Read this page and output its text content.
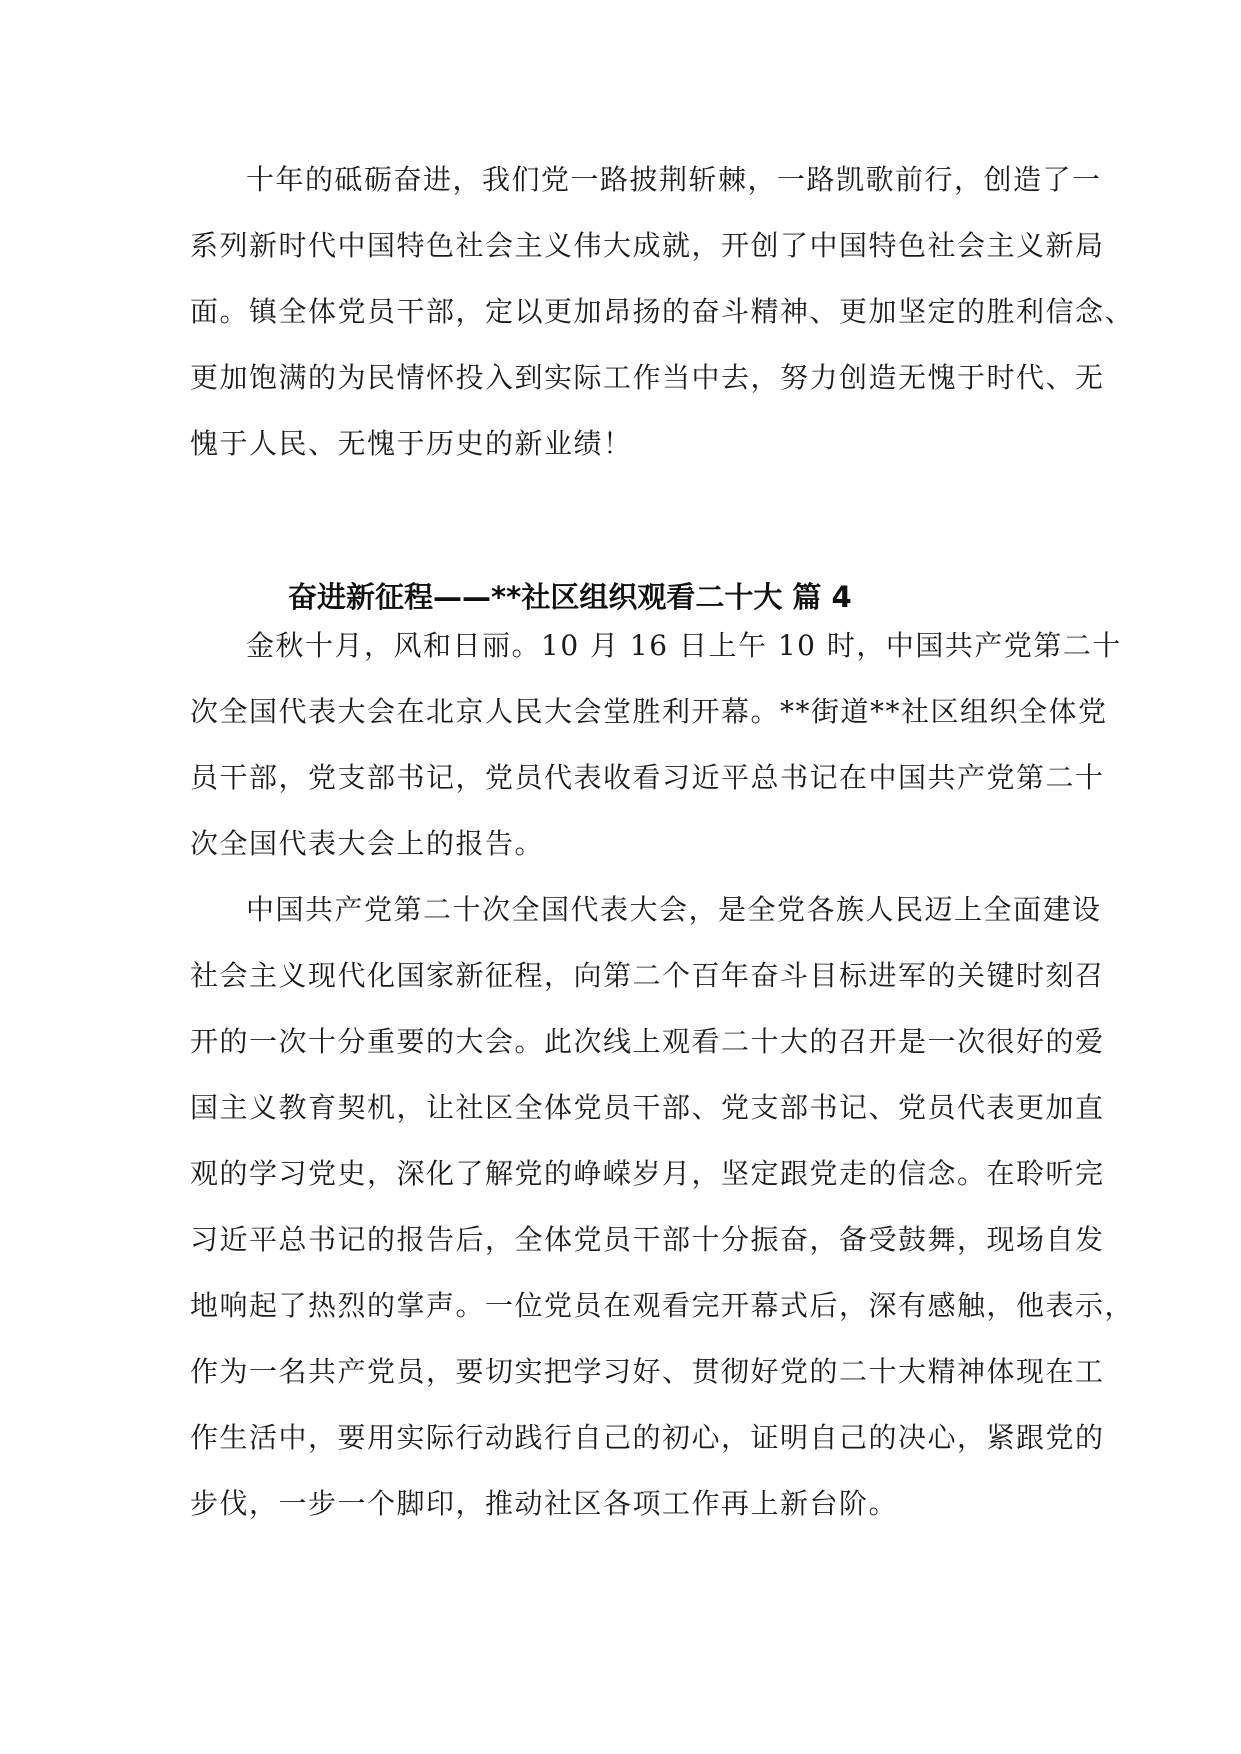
十年的砥砺奋进，我们党一路披荆斩棘，一路凯歌前行，创造了一
系列新时代中国特色社会主义伟大成就，开创了中国特色社会主义新局
面。镇全体党员干部，定以更加昂扬的奋斗精神、更加坚定的胜利信念、
更加饱满的为民情怀投入到实际工作当中去，努力创造无愧于时代、无
愧于人民、无愧于历史的新业绩！
奋进新征程——**社区组织观看二十大 篇 4
金秋十月，风和日丽。10 月 16 日上午 10 时，中国共产党第二十
次全国代表大会在北京人民大会堂胜利开幕。**街道**社区组织全体党
员干部，党支部书记，党员代表收看习近平总书记在中国共产党第二十
次全国代表大会上的报告。
中国共产党第二十次全国代表大会，是全党各族人民迈上全面建设
社会主义现代化国家新征程，向第二个百年奋斗目标进军的关键时刻召
开的一次十分重要的大会。此次线上观看二十大的召开是一次很好的爱
国主义教育契机，让社区全体党员干部、党支部书记、党员代表更加直
观的学习党史，深化了解党的峥嵘岁月，坚定跟党走的信念。在聆听完
习近平总书记的报告后，全体党员干部十分振奋，备受鼓舞，现场自发
地响起了热烈的掌声。一位党员在观看完开幕式后，深有感触，他表示，
作为一名共产党员，要切实把学习好、贯彻好党的二十大精神体现在工
作生活中，要用实际行动践行自己的初心，证明自己的决心，紧跟党的
步伐，一步一个脚印，推动社区各项工作再上新台阶。
